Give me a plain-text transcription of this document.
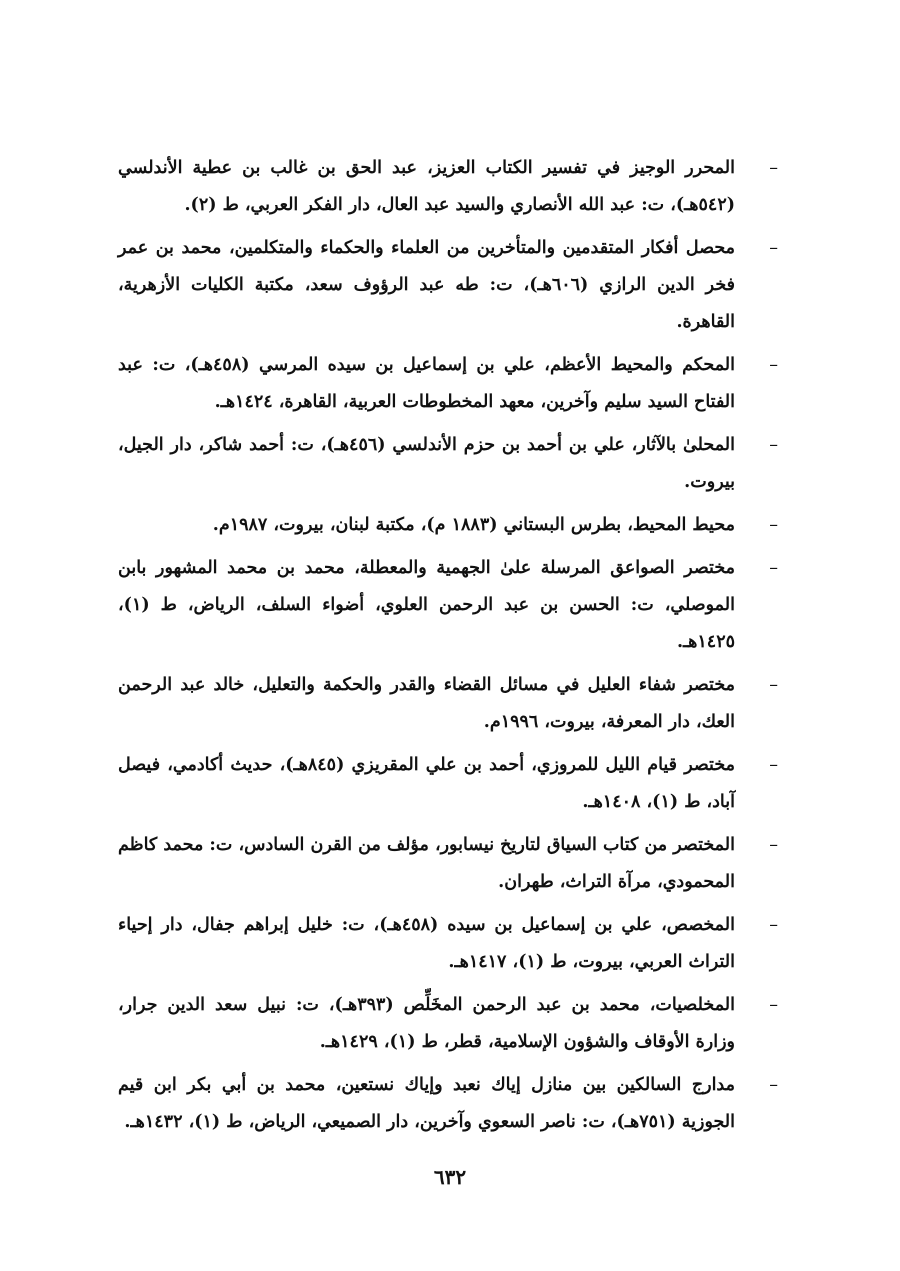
–
المحرر الوجيز في تفسير الكتاب العزيز، عبد الحق بن غالب بن عطية الأندلسي (٥٤٢هـ)، ت: عبد الله الأنصاري والسيد عبد العال، دار الفكر العربي، ط (٢).

–
محصل أفكار المتقدمين والمتأخرين من العلماء والحكماء والمتكلمين، محمد بن عمر فخر الدين الرازي (٦٠٦هـ)، ت: طه عبد الرؤوف سعد، مكتبة الكليات الأزهرية، القاهرة.

–
المحكم والمحيط الأعظم، علي بن إسماعيل بن سيده المرسي (٤٥٨هـ)، ت: عبد الفتاح السيد سليم وآخرين، معهد المخطوطات العربية، القاهرة، ١٤٢٤هـ.

–
المحلىٰ بالآثار، علي بن أحمد بن حزم الأندلسي (٤٥٦هـ)، ت: أحمد شاكر، دار الجيل، بيروت.

–
محيط المحيط، بطرس البستاني (١٨٨٣ م)، مكتبة لبنان، بيروت، ١٩٨٧م.

–
مختصر الصواعق المرسلة علىٰ الجهمية والمعطلة، محمد بن محمد المشهور بابن الموصلي، ت: الحسن بن عبد الرحمن العلوي، أضواء السلف، الرياض، ط (١)، ١٤٢٥هـ.

–
مختصر شفاء العليل في مسائل القضاء والقدر والحكمة والتعليل، خالد عبد الرحمن العك، دار المعرفة، بيروت، ١٩٩٦م.

–
مختصر قيام الليل للمروزي، أحمد بن علي المقريزي (٨٤٥هـ)، حديث أكادمي، فيصل آباد، ط (١)، ١٤٠٨هـ.

–
المختصر من كتاب السياق لتاريخ نيسابور، مؤلف من القرن السادس، ت: محمد كاظم المحمودي، مرآة التراث، طهران.

–
المخصص، علي بن إسماعيل بن سيده (٤٥٨هـ)، ت: خليل إبراهم جفال، دار إحياء التراث العربي، بيروت، ط (١)، ١٤١٧هـ.

–
المخلصيات، محمد بن عبد الرحمن المخَلِّص (٣٩٣هـ)، ت: نبيل سعد الدين جرار، وزارة الأوقاف والشؤون الإسلامية، قطر، ط (١)، ١٤٢٩هـ.

–
مدارج السالكين بين منازل إياك نعبد وإياك نستعين، محمد بن أبي بكر ابن قيم الجوزية (٧٥١هـ)، ت: ناصر السعوي وآخرين، دار الصميعي، الرياض، ط (١)، ١٤٣٢هـ.

٦٣٢
